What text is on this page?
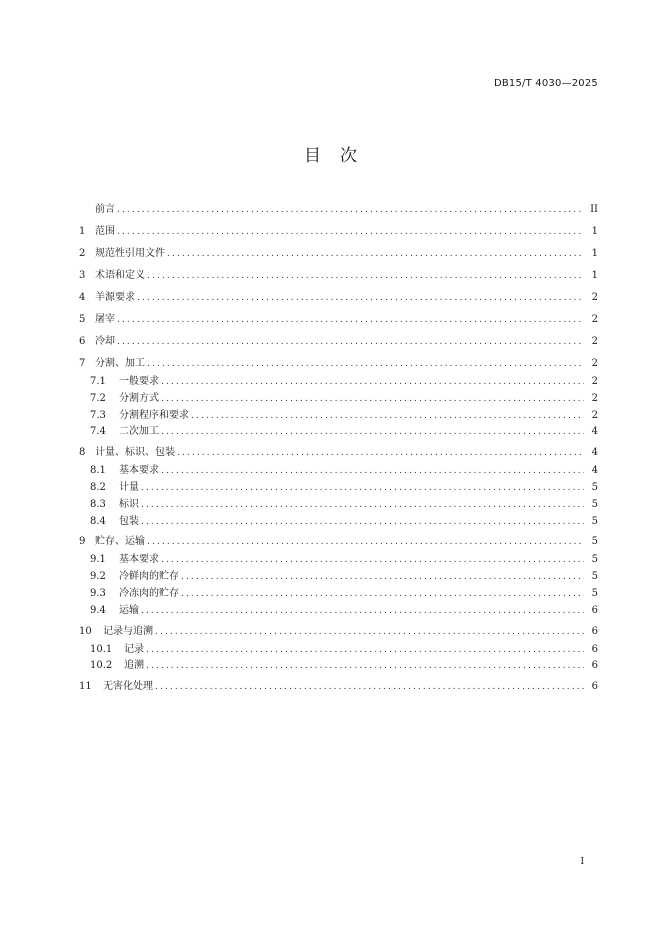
DB15/T 4030—2025
目　次
前言 .....	II
1 范围 .....	1
2 规范性引用文件 .....	1
3 术语和定义 .....	1
4 羊源要求 .....	2
5 屠宰 .....	2
6 冷却 .....	2
7 分割、加工 .....	2
7.1	一般要求 .....	2
7.2	分割方式 .....	2
7.3	分割程序和要求 .....	2
7.4	二次加工 .....	4
8 计量、标识、包装 .....	4
8.1	基本要求 .....	4
8.2	计量 .....	5
8.3	标识 .....	5
8.4	包装 .....	5
9 贮存、运输 .....	5
9.1	基本要求 .....	5
9.2	冷鲜肉的贮存 .....	5
9.3	冷冻肉的贮存 .....	5
9.4	运输 .....	6
10	记录与追溯 .....	6
10.1	记录 .....	6
10.2	追溯 .....	6
11	无害化处理 .....	6
I
